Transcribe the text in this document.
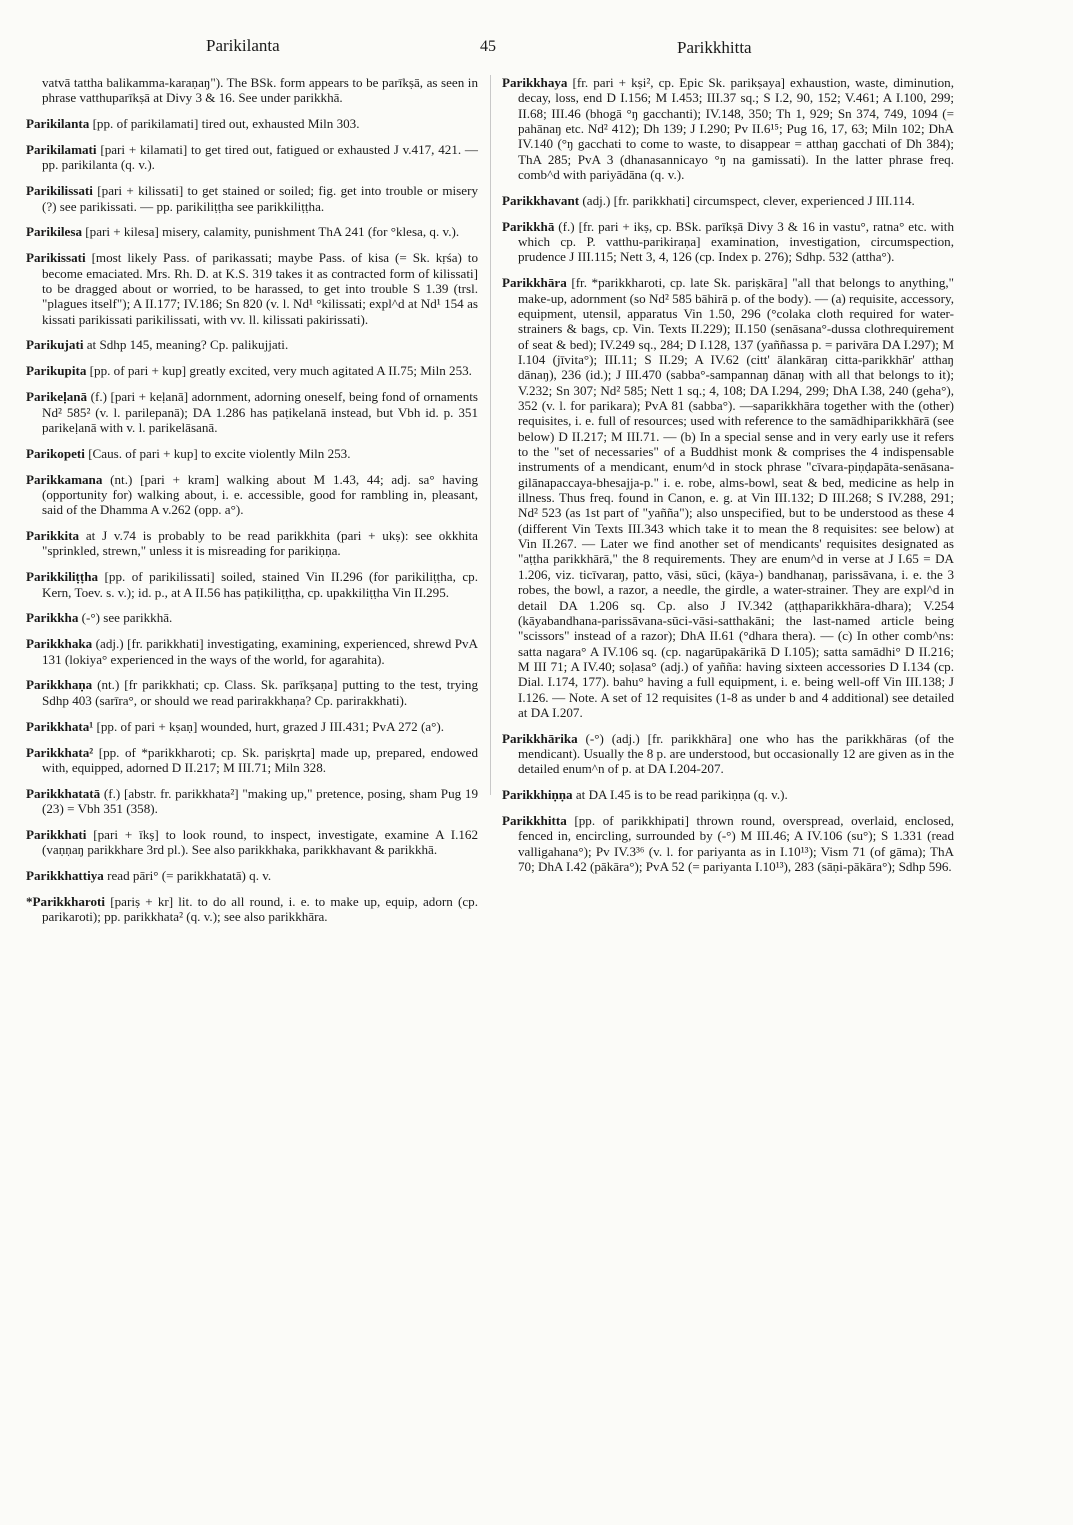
Parikilanta	45	Parikkhitta

vatvā tattha balikamma-karaṇaŋ"). The BSk. form appears to be parīkṣā, as seen in phrase vatthuparīkṣā at Divy 3 & 16. See under parikkhā.

Parikilanta [pp. of parikilamati] tired out, exhausted Miln 303.

Parikilamati [pari + kilamati] to get tired out, fatigued or exhausted J v.417, 421. — pp. parikilanta (q. v.).

Parikilissati [pari + kilissati] to get stained or soiled; fig. get into trouble or misery (?) see parikissati. — pp. parikiliṭṭha see parikkiliṭṭha.

Parikilesa [pari + kilesa] misery, calamity, punishment ThA 241 (for °klesa, q. v.).

Parikissati [most likely Pass. of parikassati; maybe Pass. of kisa (= Sk. kṛśa) to become emaciated. Mrs. Rh. D. at K.S. 319 takes it as contracted form of kilissati] to be dragged about or worried, to be harassed, to get into trouble S 1.39 (trsl. "plagues itself"); A II.177; IV.186; Sn 820 (v. l. Nd¹ °kilissati; expl^d at Nd¹ 154 as kissati parikissati parikilissati, with vv. ll. kilissati pakirissati).

Parikujati at Sdhp 145, meaning? Cp. palikujjati.

Parikupita [pp. of pari + kup] greatly excited, very much agitated A II.75; Miln 253.

Parikeḷanā (f.) [pari + keḷanā] adornment, adorning oneself, being fond of ornaments Nd² 585² (v. l. parilepanā); DA 1.286 has paṭikelanā instead, but Vbh id. p. 351 parikeḷanā with v. l. parikelāsanā.

Parikopeti [Caus. of pari + kup] to excite violently Miln 253.

Parikkamana (nt.) [pari + kram] walking about M 1.43, 44; adj. sa° having (opportunity for) walking about, i. e. accessible, good for rambling in, pleasant, said of the Dhamma A v.262 (opp. a°).

Parikkita at J v.74 is probably to be read parikkhita (pari + ukṣ): see okkhita "sprinkled, strewn," unless it is misreading for parikiṇṇa.

Parikkiliṭṭha [pp. of parikilissati] soiled, stained Vin II.296 (for parikiliṭṭha, cp. Kern, Toev. s. v.); id. p., at A II.56 has paṭikiliṭṭha, cp. upakkiliṭṭha Vin II.295.

Parikkha (-°) see parikkhā.

Parikkhaka (adj.) [fr. parikkhati] investigating, examining, experienced, shrewd PvA 131 (lokiya° experienced in the ways of the world, for agarahita).

Parikkhaṇa (nt.) [fr parikkhati; cp. Class. Sk. parīkṣaṇa] putting to the test, trying Sdhp 403 (sarīra°, or should we read parirakkhaṇa? Cp. parirakkhati).

Parikkhata¹ [pp. of pari + kṣaṇ] wounded, hurt, grazed J III.431; PvA 272 (a°).

Parikkhata² [pp. of *parikkharoti; cp. Sk. pariṣkṛta] made up, prepared, endowed with, equipped, adorned D II.217; M III.71; Miln 328.

Parikkhatatā (f.) [abstr. fr. parikkhata²] "making up," pretence, posing, sham Pug 19 (23) = Vbh 351 (358).

Parikkhati [pari + īkṣ] to look round, to inspect, investigate, examine A I.162 (vaṇṇaŋ parikkhare 3rd pl.). See also parikkhaka, parikkhavant & parikkhā.

Parikkhattiya read pāri° (= parikkhatatā) q. v.

*Parikkharoti [pariṣ + kr] lit. to do all round, i. e. to make up, equip, adorn (cp. parikaroti); pp. parikkhata² (q. v.); see also parikkhāra.

Parikkhaya [fr. pari + kṣi², cp. Epic Sk. parikṣaya] exhaustion, waste, diminution, decay, loss, end D I.156; M I.453; III.37 sq.; S I.2, 90, 152; V.461; A I.100, 299; II.68; III.46 (bhogā °ŋ gacchanti); IV.148, 350; Th 1, 929; Sn 374, 749, 1094 (= pahānaŋ etc. Nd² 412); Dh 139; J I.290; Pv II.6¹⁵; Pug 16, 17, 63; Miln 102; DhA IV.140 (°ŋ gacchati to come to waste, to disappear = atthaŋ gacchati of Dh 384); ThA 285; PvA 3 (dhanasannicayo °ŋ na gamissati). In the latter phrase freq. comb^d with pariyādāna (q. v.).

Parikkhavant (adj.) [fr. parikkhati] circumspect, clever, experienced J III.114.

Parikkhā (f.) [fr. pari + ikṣ, cp. BSk. parīkṣā Divy 3 & 16 in vastu°, ratna° etc. with which cp. P. vatthu-parikiraṇa] examination, investigation, circumspection, prudence J III.115; Nett 3, 4, 126 (cp. Index p. 276); Sdhp. 532 (attha°).

Parikkhāra [fr. *parikkharoti, cp. late Sk. pariṣkāra] "all that belongs to anything," make-up, adornment (so Nd² 585 bāhirā p. of the body). — (a) requisite, accessory, equipment, utensil, apparatus Vin 1.50, 296 (°colaka cloth required for water-strainers & bags, cp. Vin. Texts II.229); II.150 (senāsana°-dussa clothrequirement of seat & bed); IV.249 sq., 284; D I.128, 137 (yaññassa p. = parivāra DA I.297); M I.104 (jīvita°); III.11; S II.29; A IV.62 (citt' ālankāraŋ citta-parikkhār' atthaŋ dānaŋ), 236 (id.); J III.470 (sabba°-sampannaŋ dānaŋ with all that belongs to it); V.232; Sn 307; Nd² 585; Nett 1 sq.; 4, 108; DA I.294, 299; DhA I.38, 240 (geha°), 352 (v. l. for parikara); PvA 81 (sabba°). —saparikkhāra together with the (other) requisites, i. e. full of resources; used with reference to the samādhiparikkhārā (see below) D II.217; M III.71. — (b) In a special sense and in very early use it refers to the "set of necessaries" of a Buddhist monk & comprises the 4 indispensable instruments of a mendicant, enum^d in stock phrase "cīvara-piṇḍapāta-senāsana-gilānapaccaya-bhesajja-p." i. e. robe, alms-bowl, seat & bed, medicine as help in illness. Thus freq. found in Canon, e. g. at Vin III.132; D III.268; S IV.288, 291; Nd² 523 (as 1st part of "yañña"); also unspecified, but to be understood as these 4 (different Vin Texts III.343 which take it to mean the 8 requisites: see below) at Vin II.267. — Later we find another set of mendicants' requisites designated as "aṭṭha parikkhārā," the 8 requirements. They are enum^d in verse at J I.65 = DA 1.206, viz. ticīvaraŋ, patto, vāsi, sūci, (kāya-) bandhanaŋ, parissāvana, i. e. the 3 robes, the bowl, a razor, a needle, the girdle, a water-strainer. They are expl^d in detail DA 1.206 sq. Cp. also J IV.342 (aṭṭhaparikkhāra-dhara); V.254 (kāyabandhana-parissāvana-sūci-vāsi-satthakāni; the last-named article being "scissors" instead of a razor); DhA II.61 (°dhara thera). — (c) In other comb^ns: satta nagara° A IV.106 sq. (cp. nagarūpakārikā D I.105); satta samādhi° D II.216; M III 71; A IV.40; soḷasa° (adj.) of yañña: having sixteen accessories D I.134 (cp. Dial. I.174, 177). bahu° having a full equipment, i. e. being well-off Vin III.138; J I.126. — Note. A set of 12 requisites (1-8 as under b and 4 additional) see detailed at DA I.207.

Parikkhārika (-°) (adj.) [fr. parikkhāra] one who has the parikkhāras (of the mendicant). Usually the 8 p. are understood, but occasionally 12 are given as in the detailed enum^n of p. at DA I.204-207.

Parikkhiṇṇa at DA I.45 is to be read parikiṇṇa (q. v.).

Parikkhitta [pp. of parikkhipati] thrown round, overspread, overlaid, enclosed, fenced in, encircling, surrounded by (-°) M III.46; A IV.106 (su°); S 1.331 (read valligahana°); Pv IV.3³⁶ (v. l. for pariyanta as in I.10¹³); Vism 71 (of gāma); ThA 70; DhA I.42 (pākāra°); PvA 52 (= pariyanta I.10¹³), 283 (sāṇi-pākāra°); Sdhp 596.
